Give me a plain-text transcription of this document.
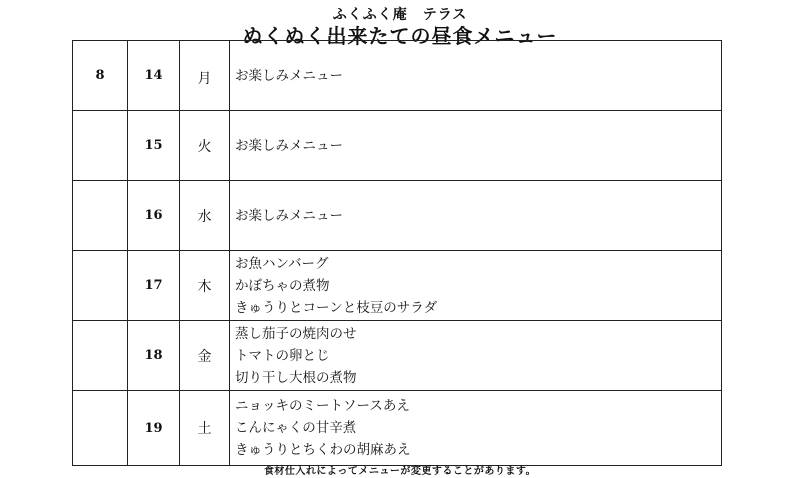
ふくふく庵　テラス
ぬくぬく出来たての昼食メニュー
8	14	月	お楽しみメニュー

	15	火	お楽しみメニュー

	16	水	お楽しみメニュー

	17	木	お魚ハンバーグ
かぼちゃの煮物
きゅうりとコーンと枝豆のサラダ

	18	金	蒸し茄子の焼肉のせ
トマトの卵とじ
切り干し大根の煮物

	19	土	ニョッキのミートソースあえ
こんにゃくの甘辛煮
きゅうりとちくわの胡麻あえ
食材仕入れによってメニューが変更することがあります。
